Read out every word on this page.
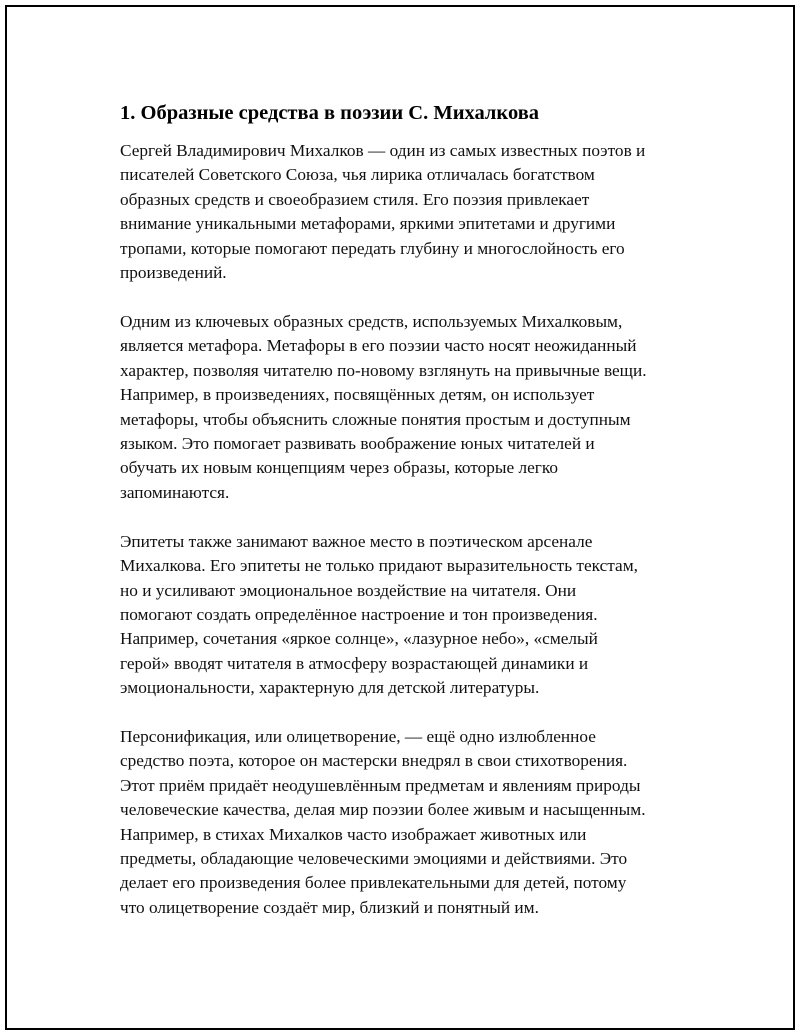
1. Образные средства в поэзии С. Михалкова

Сергей Владимирович Михалков — один из самых известных поэтов и
писателей Советского Союза, чья лирика отличалась богатством
образных средств и своеобразием стиля. Его поэзия привлекает
внимание уникальными метафорами, яркими эпитетами и другими
тропами, которые помогают передать глубину и многослойность его
произведений.

Одним из ключевых образных средств, используемых Михалковым,
является метафора. Метафоры в его поэзии часто носят неожиданный
характер, позволяя читателю по-новому взглянуть на привычные вещи.
Например, в произведениях, посвящённых детям, он использует
метафоры, чтобы объяснить сложные понятия простым и доступным
языком. Это помогает развивать воображение юных читателей и
обучать их новым концепциям через образы, которые легко
запоминаются.

Эпитеты также занимают важное место в поэтическом арсенале
Михалкова. Его эпитеты не только придают выразительность текстам,
но и усиливают эмоциональное воздействие на читателя. Они
помогают создать определённое настроение и тон произведения.
Например, сочетания «яркое солнце», «лазурное небо», «смелый
герой» вводят читателя в атмосферу возрастающей динамики и
эмоциональности, характерную для детской литературы.

Персонификация, или олицетворение, — ещё одно излюбленное
средство поэта, которое он мастерски внедрял в свои стихотворения.
Этот приём придаёт неодушевлённым предметам и явлениям природы
человеческие качества, делая мир поэзии более живым и насыщенным.
Например, в стихах Михалков часто изображает животных или
предметы, обладающие человеческими эмоциями и действиями. Это
делает его произведения более привлекательными для детей, потому
что олицетворение создаёт мир, близкий и понятный им.
